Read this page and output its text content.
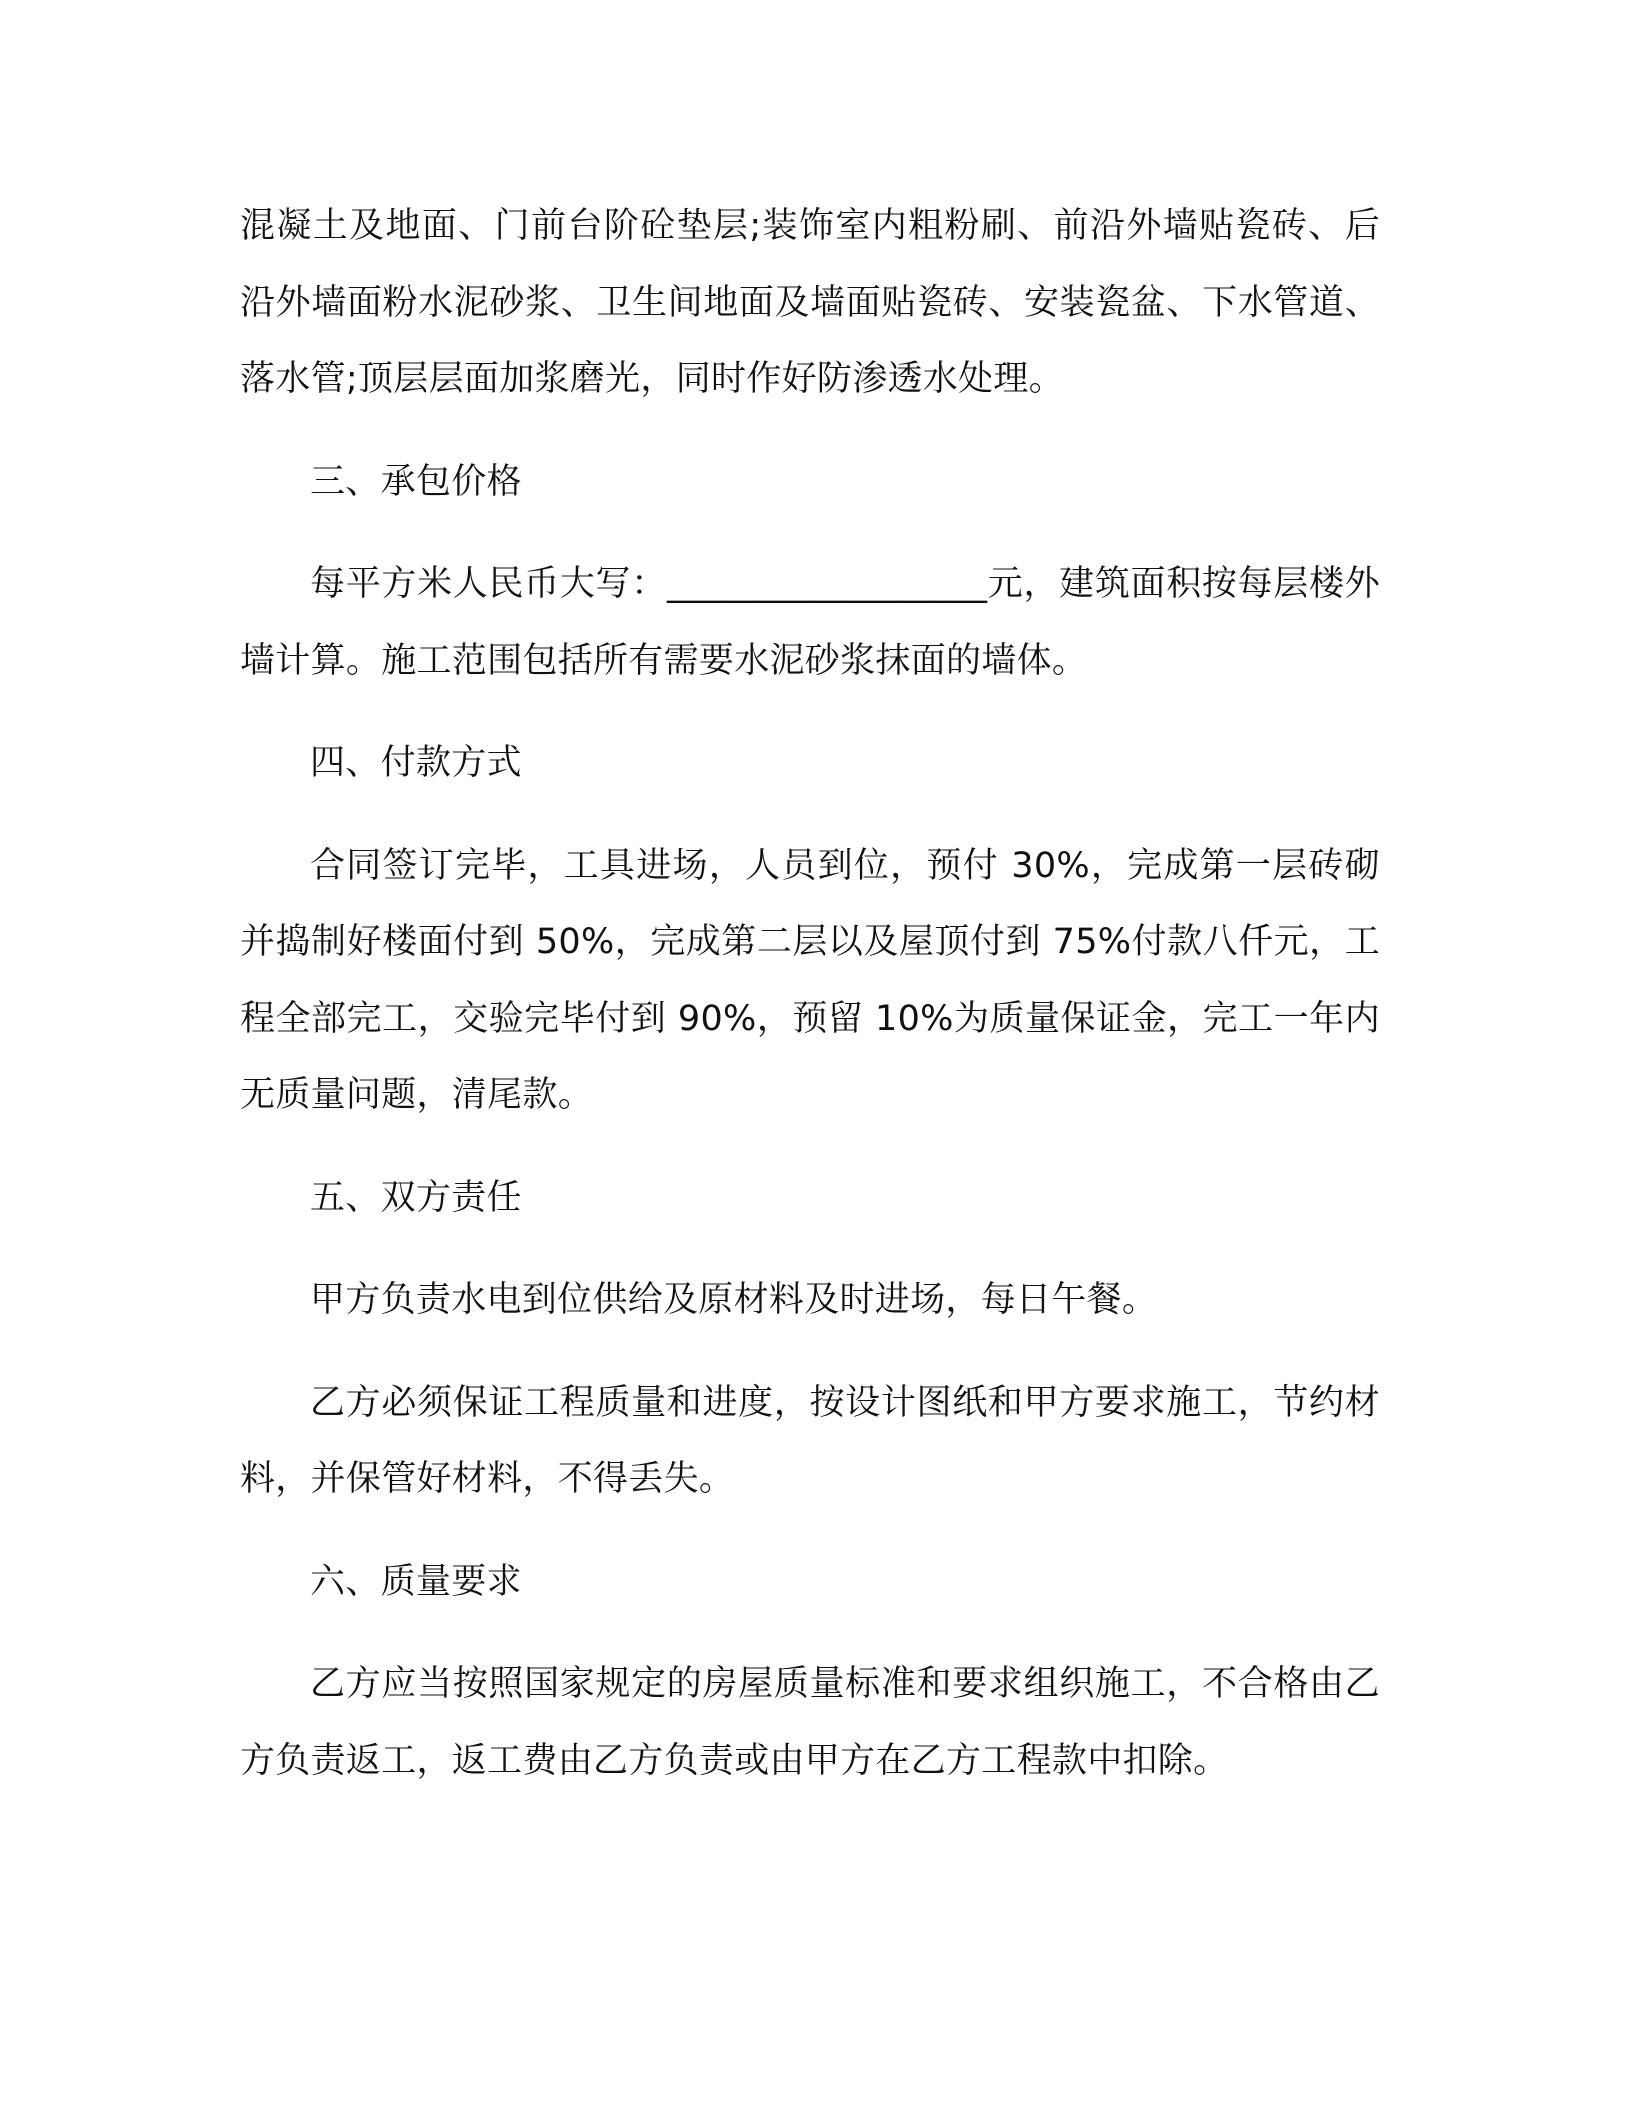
混凝土及地面、门前台阶砼垫层;装饰室内粗粉刷、前沿外墙贴瓷砖、后沿外墙面粉水泥砂浆、卫生间地面及墙面贴瓷砖、安装瓷盆、下水管道、落水管;顶层层面加浆磨光，同时作好防渗透水处理。

三、承包价格

每平方米人民币大写：__________________元，建筑面积按每层楼外墙计算。施工范围包括所有需要水泥砂浆抹面的墙体。

四、付款方式

合同签订完毕，工具进场，人员到位，预付 30%，完成第一层砖砌并捣制好楼面付到 50%，完成第二层以及屋顶付到 75%付款八仟元，工程全部完工，交验完毕付到 90%，预留 10%为质量保证金，完工一年内无质量问题，清尾款。

五、双方责任

甲方负责水电到位供给及原材料及时进场，每日午餐。

乙方必须保证工程质量和进度，按设计图纸和甲方要求施工，节约材料，并保管好材料，不得丢失。

六、质量要求

乙方应当按照国家规定的房屋质量标准和要求组织施工，不合格由乙方负责返工，返工费由乙方负责或由甲方在乙方工程款中扣除。
